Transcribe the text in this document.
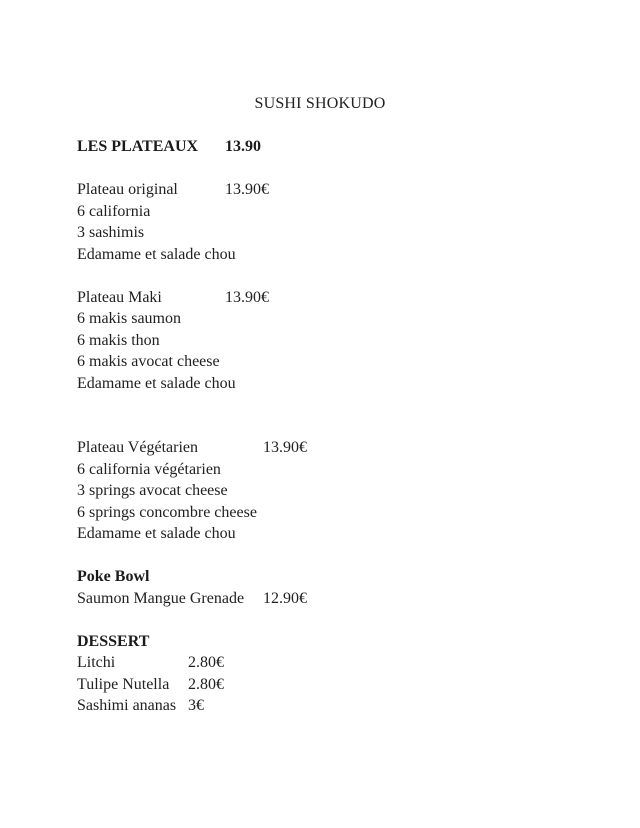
SUSHI SHOKUDO
LES PLATEAUX 13.90
Plateau original	13.90€
6 california
3 sashimis
Edamame et salade chou
Plateau Maki	13.90€
6 makis saumon
6 makis thon
6 makis avocat cheese
Edamame et salade chou
Plateau Végétarien	13.90€
6 california végétarien
3 springs avocat cheese
6 springs concombre cheese
Edamame et salade chou
Poke Bowl
Saumon Mangue Grenade 12.90€
DESSERT
Litchi	2.80€
Tulipe Nutella 2.80€
Sashimi ananas 3€
